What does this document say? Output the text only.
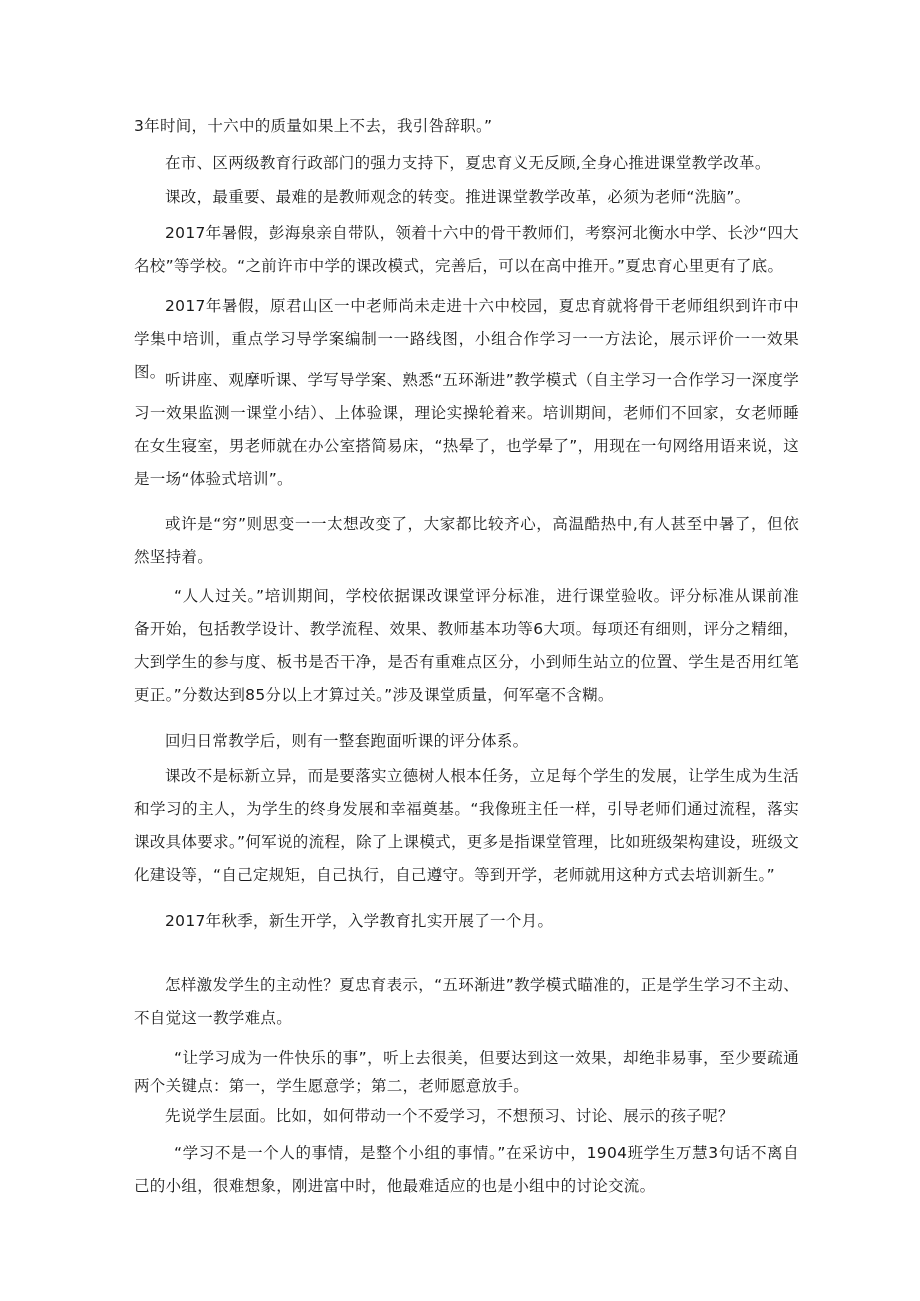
3年时间，十六中的质量如果上不去，我引咎辞职。”

在市、区两级教育行政部门的强力支持下，夏忠育义无反顾,全身心推进课堂教学改革。

课改，最重要、最难的是教师观念的转变。推进课堂教学改革，必须为老师“洗脑”。

2017年暑假，彭海泉亲自带队，领着十六中的骨干教师们，考察河北衡水中学、长沙“四大名校”等学校。“之前许市中学的课改模式，完善后，可以在高中推开。”夏忠育心里更有了底。

2017年暑假，原君山区一中老师尚未走进十六中校园，夏忠育就将骨干老师组织到许市中学集中培训，重点学习导学案编制一一路线图，小组合作学习一一方法论，展示评价一一效果图。 听讲座、观摩听课、学写导学案、熟悉“五环渐进”教学模式（自主学习一合作学习一深度学习一效果监测一课堂小结）、上体验课，理论实操轮着来。培训期间，老师们不回家，女老师睡在女生寝室，男老师就在办公室搭简易床，“热晕了，也学晕了”，用现在一句网络用语来说，这是一场“体验式培训”。

或许是“穷”则思变一一太想改变了，大家都比较齐心，高温酷热中,有人甚至中暑了，但依然坚持着。

“人人过关。”培训期间，学校依据课改课堂评分标准，进行课堂验收。评分标准从课前准备开始，包括教学设计、教学流程、效果、教师基本功等6大项。每项还有细则，评分之精细，大到学生的参与度、板书是否干净，是否有重难点区分，小到师生站立的位置、学生是否用红笔更正。”分数达到85分以上才算过关。”涉及课堂质量，何军毫不含糊。

回归日常教学后，则有一整套跑面听课的评分体系。

课改不是标新立异，而是要落实立德树人根本任务，立足每个学生的发展，让学生成为生活和学习的主人，为学生的终身发展和幸福奠基。“我像班主任一样，引导老师们通过流程，落实课改具体要求。”何军说的流程，除了上课模式，更多是指课堂管理，比如班级架构建设，班级文化建设等，“自己定规矩，自己执行，自己遵守。等到开学，老师就用这种方式去培训新生。”

2017年秋季，新生开学，入学教育扎实开展了一个月。

怎样激发学生的主动性？夏忠育表示，“五环渐进”教学模式瞄准的，正是学生学习不主动、不自觉这一教学难点。

“让学习成为一件快乐的事”，听上去很美，但要达到这一效果，却绝非易事，至少要疏通两个关键点：第一，学生愿意学；第二，老师愿意放手。

先说学生层面。比如，如何带动一个不爱学习，不想预习、讨论、展示的孩子呢？

“学习不是一个人的事情，是整个小组的事情。”在采访中，1904班学生万慧3句话不离自己的小组，很难想象，刚进富中时，他最难适应的也是小组中的讨论交流。
